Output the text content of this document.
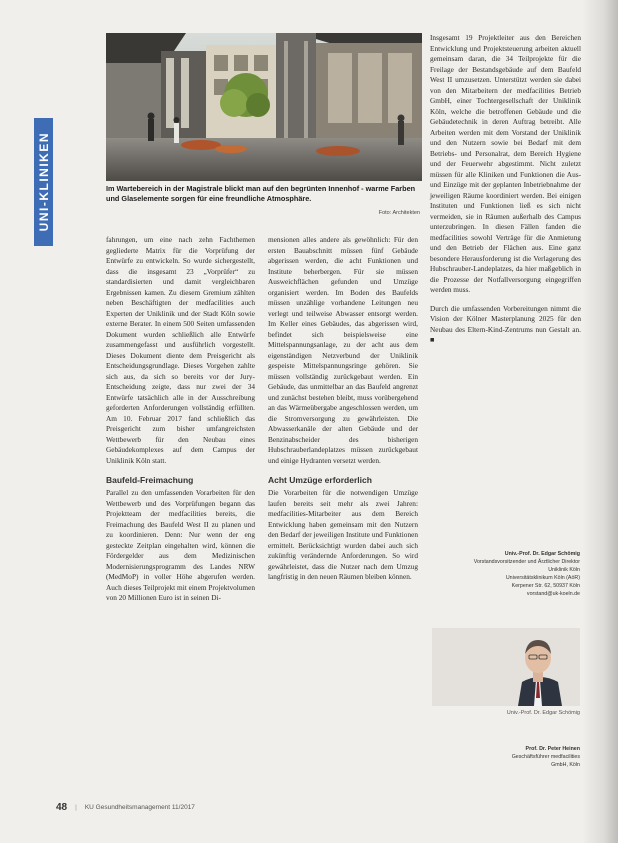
UNI-KLINIKEN	Im Wartebereich in der Magistrale blickt man auf den begrünten Innenhof - warme Farben und Glaselemente sorgen für eine freundliche Atmosphäre.

Foto: Architekten

fahrungen, um eine nach zehn Fachthemen gegliederte Matrix für die Vorprüfung der Entwürfe zu entwickeln. So wurde sichergestellt, dass die insgesamt 23 „Vorprüfer“ zu standardisierten und damit vergleichbaren Ergebnissen kamen. Zu diesem Gremium zählten neben Beschäftigten der medfacilities auch Experten der Uniklinik und der Stadt Köln sowie externe Berater. In einem 500 Seiten umfassenden Dokument wurden schließlich alle Entwürfe zusammengefasst und ausführlich vorgestellt. Dieses Dokument diente dem Preisgericht als Entscheidungsgrundlage. Dieses Vorgehen zahlte sich aus, da sich so bereits vor der Jury-Entscheidung zeigte, dass nur zwei der 34 Entwürfe tatsächlich alle in der Ausschreibung geforderten Anforderungen vollständig erfüllten. Am 10. Februar 2017 fand schließlich das Preisgericht zum bisher umfangreichsten Wettbewerb für den Neubau eines Gebäudekomplexes auf dem Campus der Uniklinik Köln statt.

Baufeld-Freimachung

Parallel zu den umfassenden Vorarbeiten für den Wettbewerb und des Vorprüfungen begann das Projektteam der medfacilities bereits, die Freimachung des Baufeld West II zu planen und zu koordinieren. Denn: Nur wenn der eng gesteckte Zeitplan eingehalten wird, können die Fördergelder aus dem Medizinischen Modernisierungsprogramm des Landes NRW (MedMoP) in voller Höhe abgerufen werden. Auch dieses Teilprojekt mit einem Projektvolumen von 20 Millionen Euro ist in seinen Di-

mensionen alles andere als gewöhnlich: Für den ersten Bauabschnitt müssen fünf Gebäude abgerissen werden, die acht Funktionen und Institute beherbergen. Für sie müssen Ausweichflächen gefunden und Umzüge organisiert werden. Im Boden des Baufelds müssen unzählige vorhandene Leitungen neu verlegt und teilweise Abwasser entsorgt werden. Im Keller eines Gebäudes, das abgerissen wird, befindet sich beispielsweise eine Mittelspannungsanlage, zu der acht aus dem eigenständigen Netzverbund der Uniklinik gespeiste Mittelspannungsringe gehören. Sie müssen vollständig zurückgebaut werden. Ein Gebäude, das unmittelbar an das Baufeld angrenzt und zunächst bestehen bleibt, muss vorübergehend an das Wärmeübergabe angeschlossen werden, um die Stromversorgung zu gewährleisten. Die Abwasserkanäle der alten Gebäude und der Benzinabscheider des bisherigen Hubschrauberlandeplatzes müssen zurückgebaut und einige Hydranten versetzt werden.

Acht Umzüge erforderlich

Die Vorarbeiten für die notwendigen Umzüge laufen bereits seit mehr als zwei Jahren: medfacilities-Mitarbeiter aus dem Bereich Entwicklung haben gemeinsam mit den Nutzern den Bedarf der jeweiligen Institute und Funktionen ermittelt. Berücksichtigt wurden dabei auch sich zukünftig verändernde Anforderungen. So wird gewährleistet, dass die Nutzer nach dem Umzug langfristig in den neuen Räumen bleiben können.

Insgesamt 19 Projektleiter aus den Bereichen Entwicklung und Projektsteuerung arbeiten aktuell gemeinsam daran, die 34 Teilprojekte für die Freilage der Bestandsgebäude auf dem Baufeld West II umzusetzen. Unterstützt werden sie dabei von den Mitarbeitern der medfacilities Betrieb GmbH, einer Tochtergesellschaft der Uniklinik Köln, welche die betroffenen Gebäude und die Gebäudetechnik in deren Auftrag betreibt. Alle Arbeiten werden mit dem Vorstand der Uniklinik und den Nutzern sowie bei Bedarf mit dem Betriebs- und Personalrat, dem Bereich Hygiene und der Feuerwehr abgestimmt. Nicht zuletzt müssen für alle Kliniken und Funktionen die Aus- und Einzüge mit der geplanten Inbetriebnahme der jeweiligen Räume koordiniert werden. Bei einigen Instituten und Funktionen ließ es sich nicht vermeiden, sie in Räumen außerhalb des Campus unterzubringen. In diesen Fällen fanden die medfacilities sowohl Verträge für die Anmietung und den Betrieb der Flächen aus. Eine ganz besondere Herausforderung ist die Verlagerung des Hubschrauber-Landeplatzes, da hier maßgeblich in die Prozesse der Notfallversorgung eingegriffen werden muss.

Durch die umfassenden Vorbereitungen nimmt die Vision der Kölner Masterplanung 2025 für den Neubau des Eltern-Kind-Zentrums nun Gestalt an. ■

Univ.-Prof. Dr. Edgar Schömig
Vorstandsvorsitzender und Ärztlicher Direktor
Uniklinik Köln
Universitätsklinikum Köln (AöR)
Kerpener Str. 62, 50937 Köln
vorstand@uk-koeln.de
Univ.-Prof. Dr. Edgar Schömig
Prof. Dr. Peter Heinen
Geschäftsführer medfacilities
GmbH, Köln
48 | KU Gesundheitsmanagement 11/2017
